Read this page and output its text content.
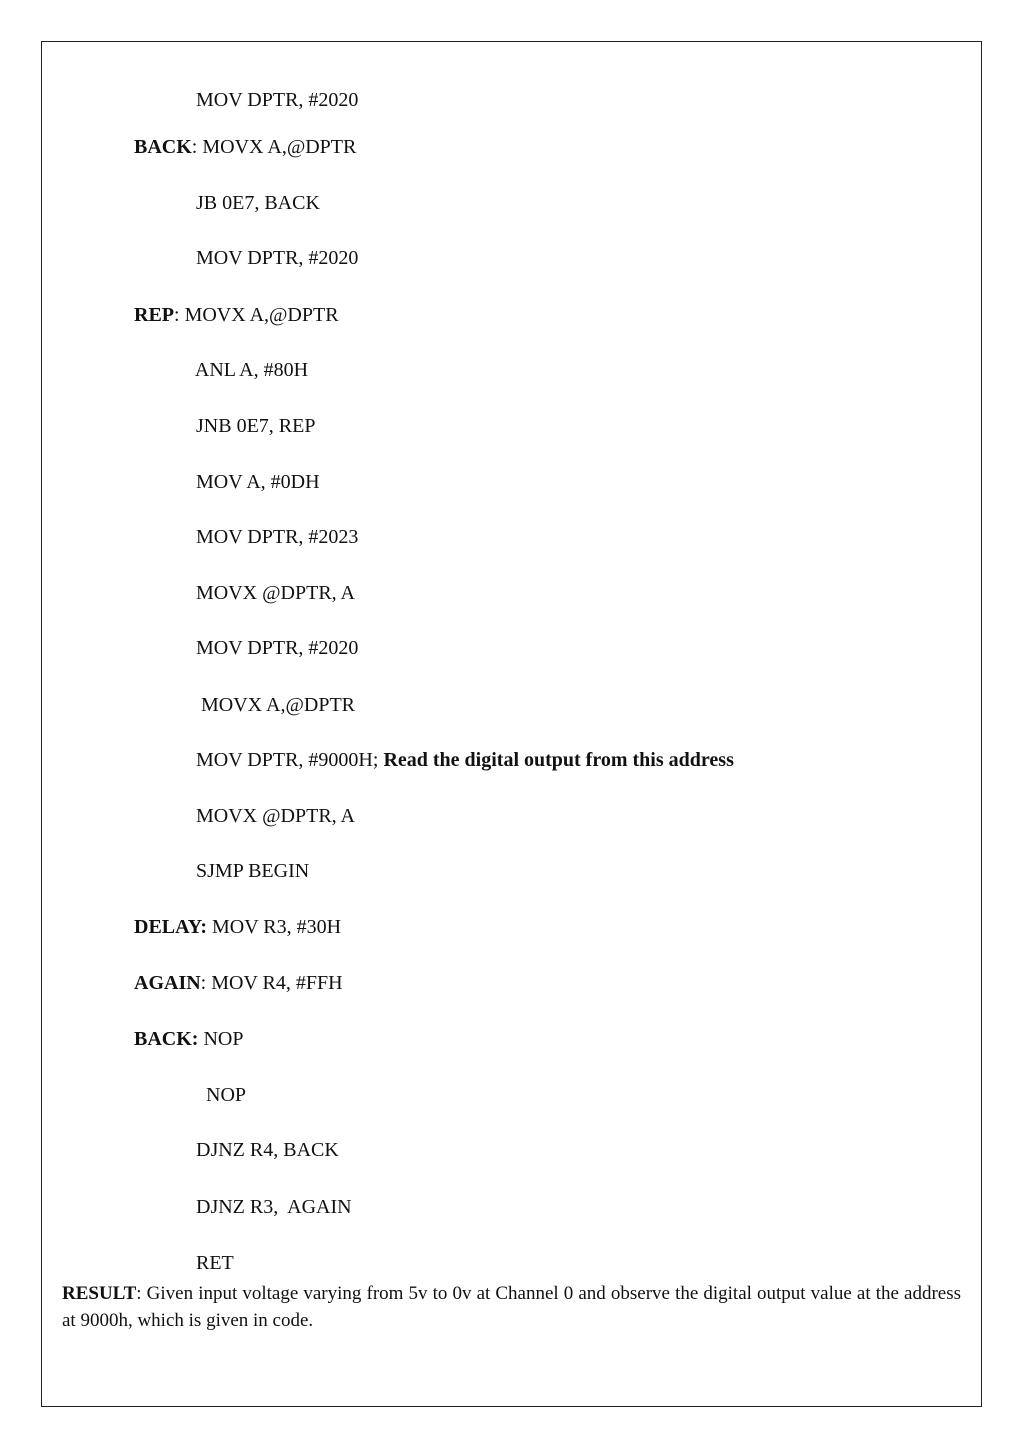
MOV DPTR, #2020

BACK: MOVX A,@DPTR

JB 0E7, BACK

MOV DPTR, #2020

REP: MOVX A,@DPTR

ANL A, #80H

JNB 0E7, REP

MOV A, #0DH

MOV DPTR, #2023

MOVX @DPTR, A

MOV DPTR, #2020

MOVX A,@DPTR

MOV DPTR, #9000H; Read the digital output from this address

MOVX @DPTR, A

SJMP BEGIN

DELAY: MOV R3, #30H

AGAIN: MOV R4, #FFH

BACK: NOP

NOP

DJNZ R4, BACK

DJNZ R3,  AGAIN

RET

RESULT: Given input voltage varying from 5v to 0v at Channel 0 and observe the digital output value at the address at 9000h, which is given in code.
